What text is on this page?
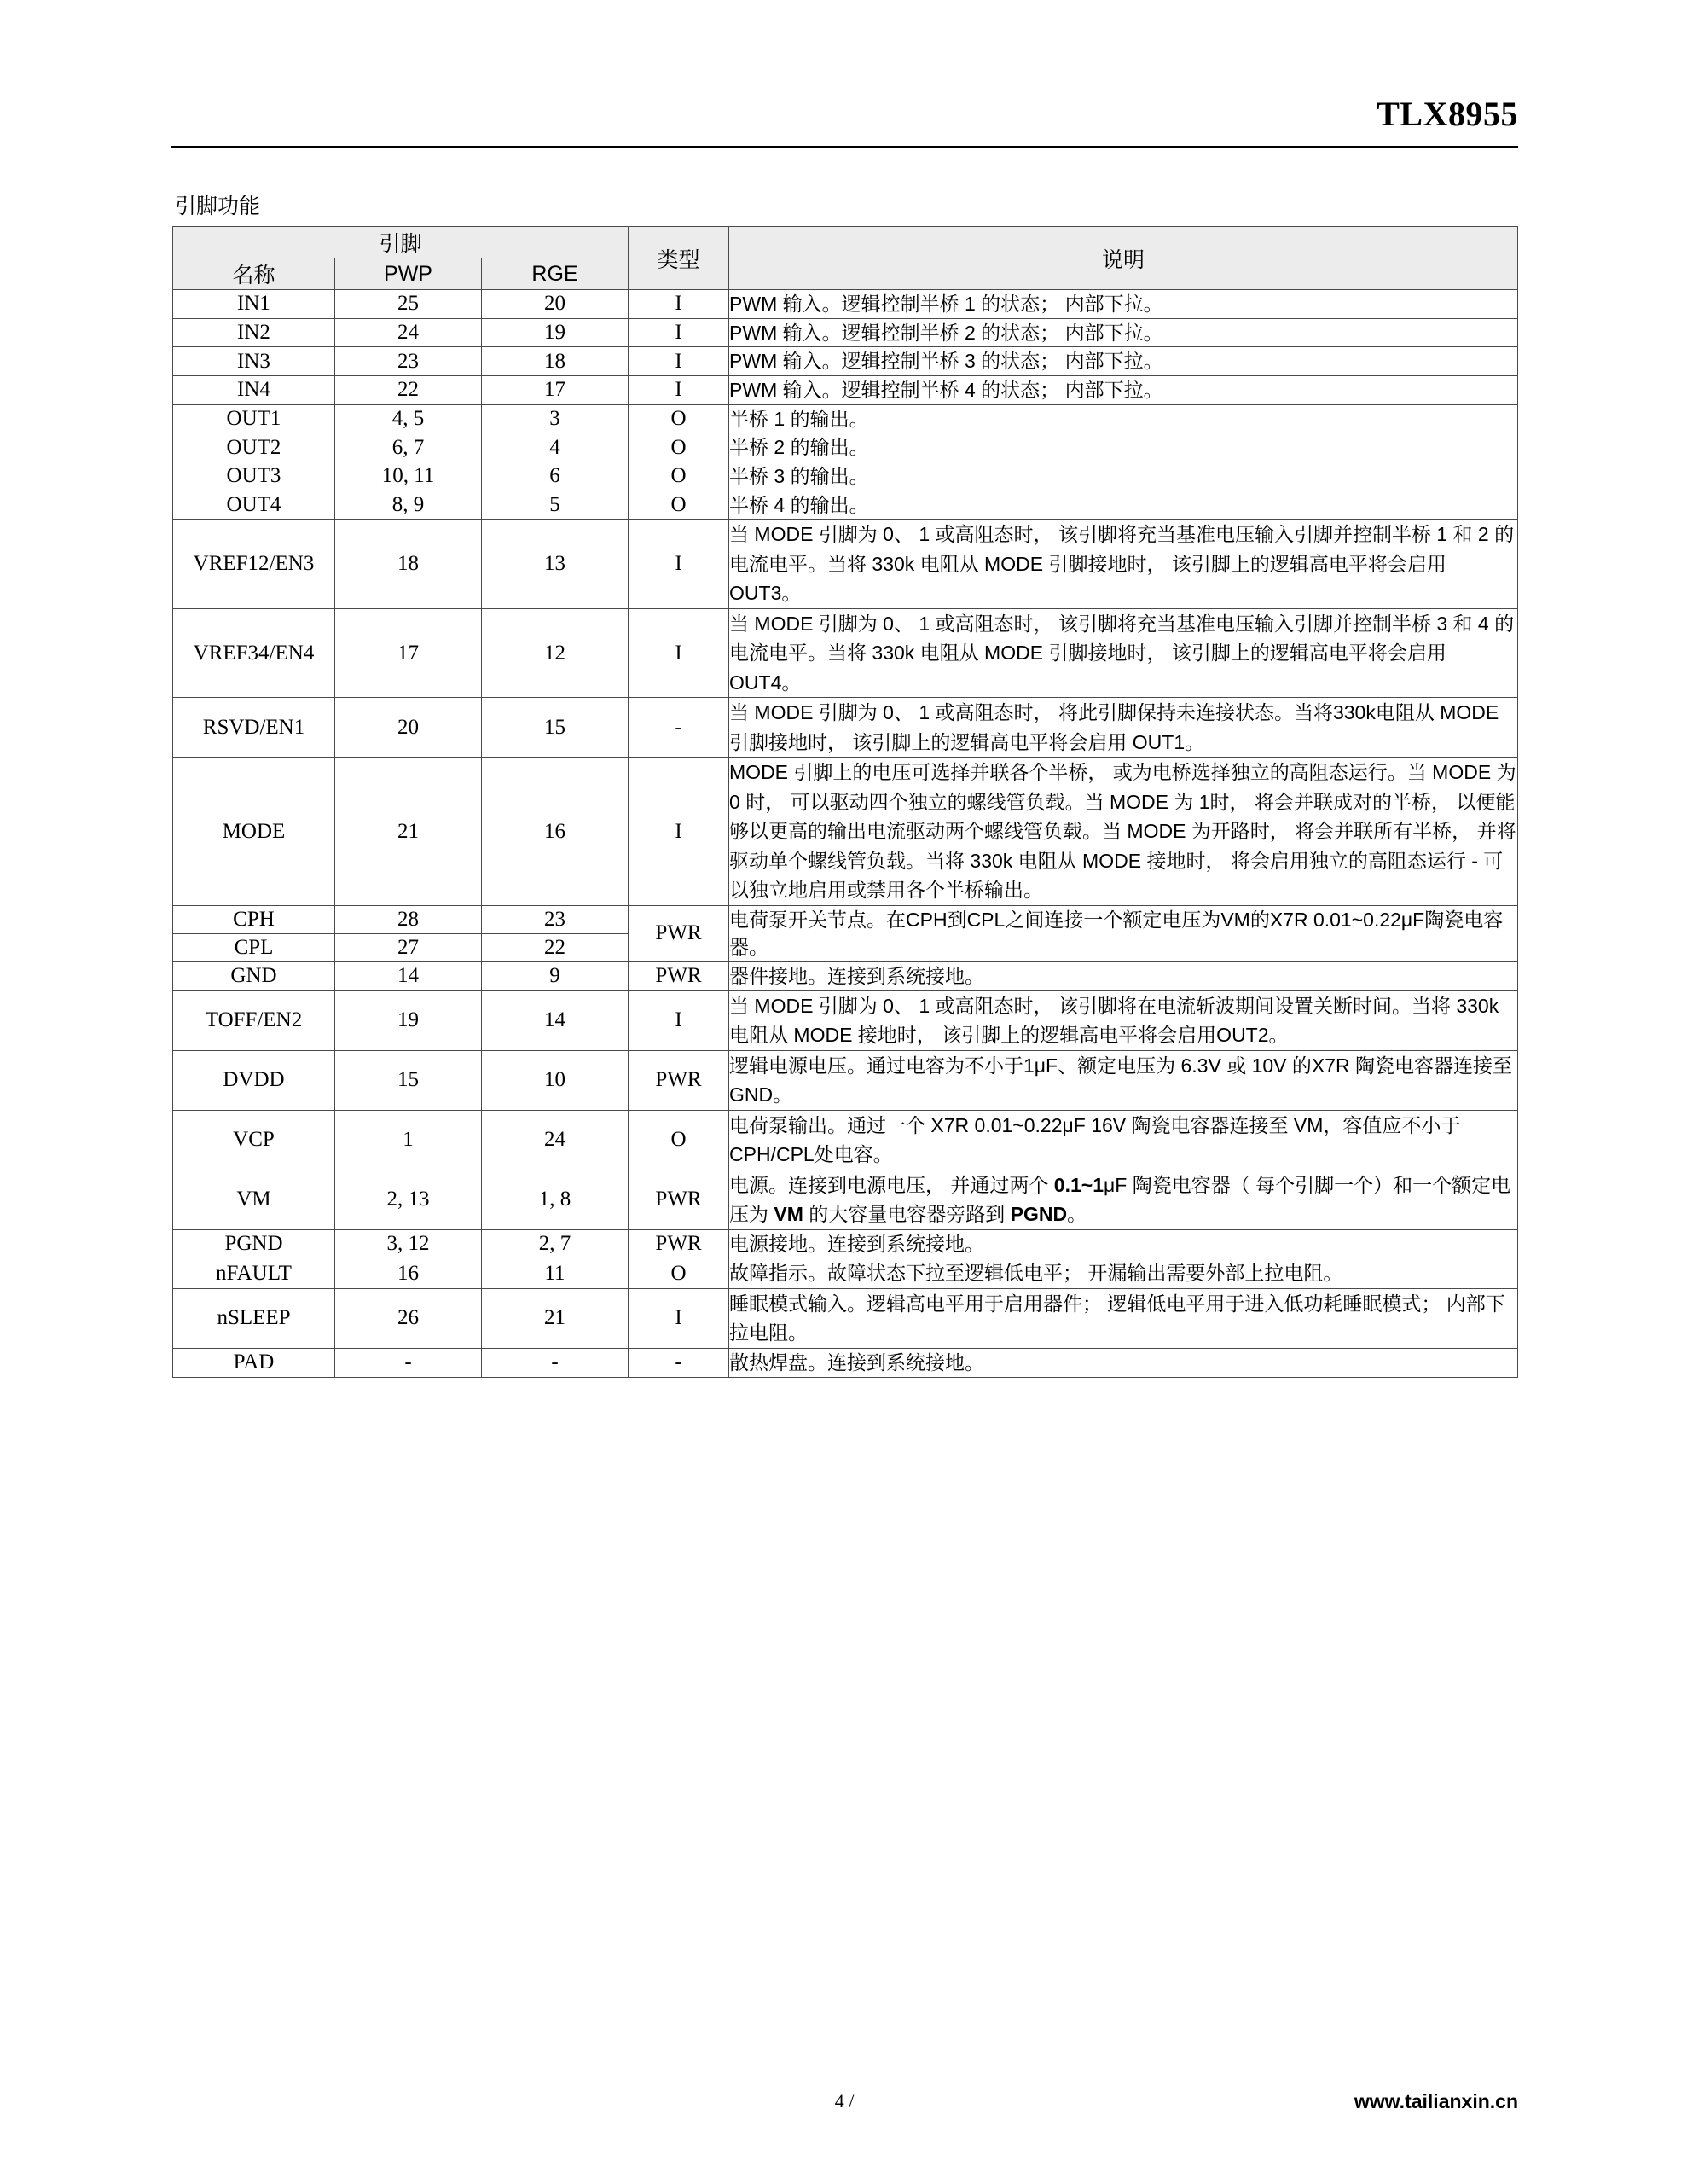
TLX8955
引脚功能
引脚			类型	说明
名称	PWP	RGE		
IN1	25	20	I	PWM 输入。逻辑控制半桥 1 的状态； 内部下拉。
IN2	24	19	I	PWM 输入。逻辑控制半桥 2 的状态； 内部下拉。
IN3	23	18	I	PWM 输入。逻辑控制半桥 3 的状态； 内部下拉。
IN4	22	17	I	PWM 输入。逻辑控制半桥 4 的状态； 内部下拉。
OUT1	4, 5	3	O	半桥 1 的输出。
OUT2	6, 7	4	O	半桥 2 的输出。
OUT3	10, 11	6	O	半桥 3 的输出。
OUT4	8, 9	5	O	半桥 4 的输出。
VREF12/EN3	18	13	I	当 MODE 引脚为 0、 1 或高阻态时， 该引脚将充当基准电压输入引脚并控制半桥 1 和 2 的电流电平。当将 330k 电阻从 MODE 引脚接地时， 该引脚上的逻辑高电平将会启用 OUT3。
VREF34/EN4	17	12	I	当 MODE 引脚为 0、 1 或高阻态时， 该引脚将充当基准电压输入引脚并控制半桥 3 和 4 的电流电平。当将 330k 电阻从 MODE 引脚接地时， 该引脚上的逻辑高电平将会启用 OUT4。
RSVD/EN1	20	15	-	当 MODE 引脚为 0、 1 或高阻态时， 将此引脚保持未连接状态。当将330k电阻从 MODE 引脚接地时， 该引脚上的逻辑高电平将会启用 OUT1。
MODE	21	16	I	MODE 引脚上的电压可选择并联各个半桥， 或为电桥选择独立的高阻态运行。当 MODE 为 0 时， 可以驱动四个独立的螺线管负载。当 MODE 为 1时， 将会并联成对的半桥， 以便能够以更高的输出电流驱动两个螺线管负载。当 MODE 为开路时， 将会并联所有半桥， 并将驱动单个螺线管负载。当将 330k 电阻从 MODE 接地时， 将会启用独立的高阻态运行 - 可以独立地启用或禁用各个半桥输出。
CPH	28	23	PWR	电荷泵开关节点。在CPH到CPL之间连接一个额定电压为VM的X7R 0.01~0.22μF陶瓷电容器。
CPL	27	22		
GND	14	9	PWR	器件接地。连接到系统接地。
TOFF/EN2	19	14	I	当 MODE 引脚为 0、 1 或高阻态时， 该引脚将在电流斩波期间设置关断时间。当将 330k 电阻从 MODE 接地时， 该引脚上的逻辑高电平将会启用OUT2。
DVDD	15	10	PWR	逻辑电源电压。通过电容为不小于1μF、额定电压为 6.3V 或 10V 的X7R 陶瓷电容器连接至 GND。
VCP	1	24	O	电荷泵输出。通过一个 X7R 0.01~0.22μF 16V 陶瓷电容器连接至 VM，容值应不小于CPH/CPL处电容。
VM	2, 13	1, 8	PWR	电源。连接到电源电压， 并通过两个 0.1~1μF 陶瓷电容器（ 每个引脚一个）和一个额定电压为 VM 的大容量电容器旁路到 PGND。
PGND	3, 12	2, 7	PWR	电源接地。连接到系统接地。
nFAULT	16	11	O	故障指示。故障状态下拉至逻辑低电平； 开漏输出需要外部上拉电阻。
nSLEEP	26	21	I	睡眠模式输入。逻辑高电平用于启用器件； 逻辑低电平用于进入低功耗睡眠模式； 内部下拉电阻。
PAD	-	-	-	散热焊盘。连接到系统接地。
4 /	www.tailianxin.cn
